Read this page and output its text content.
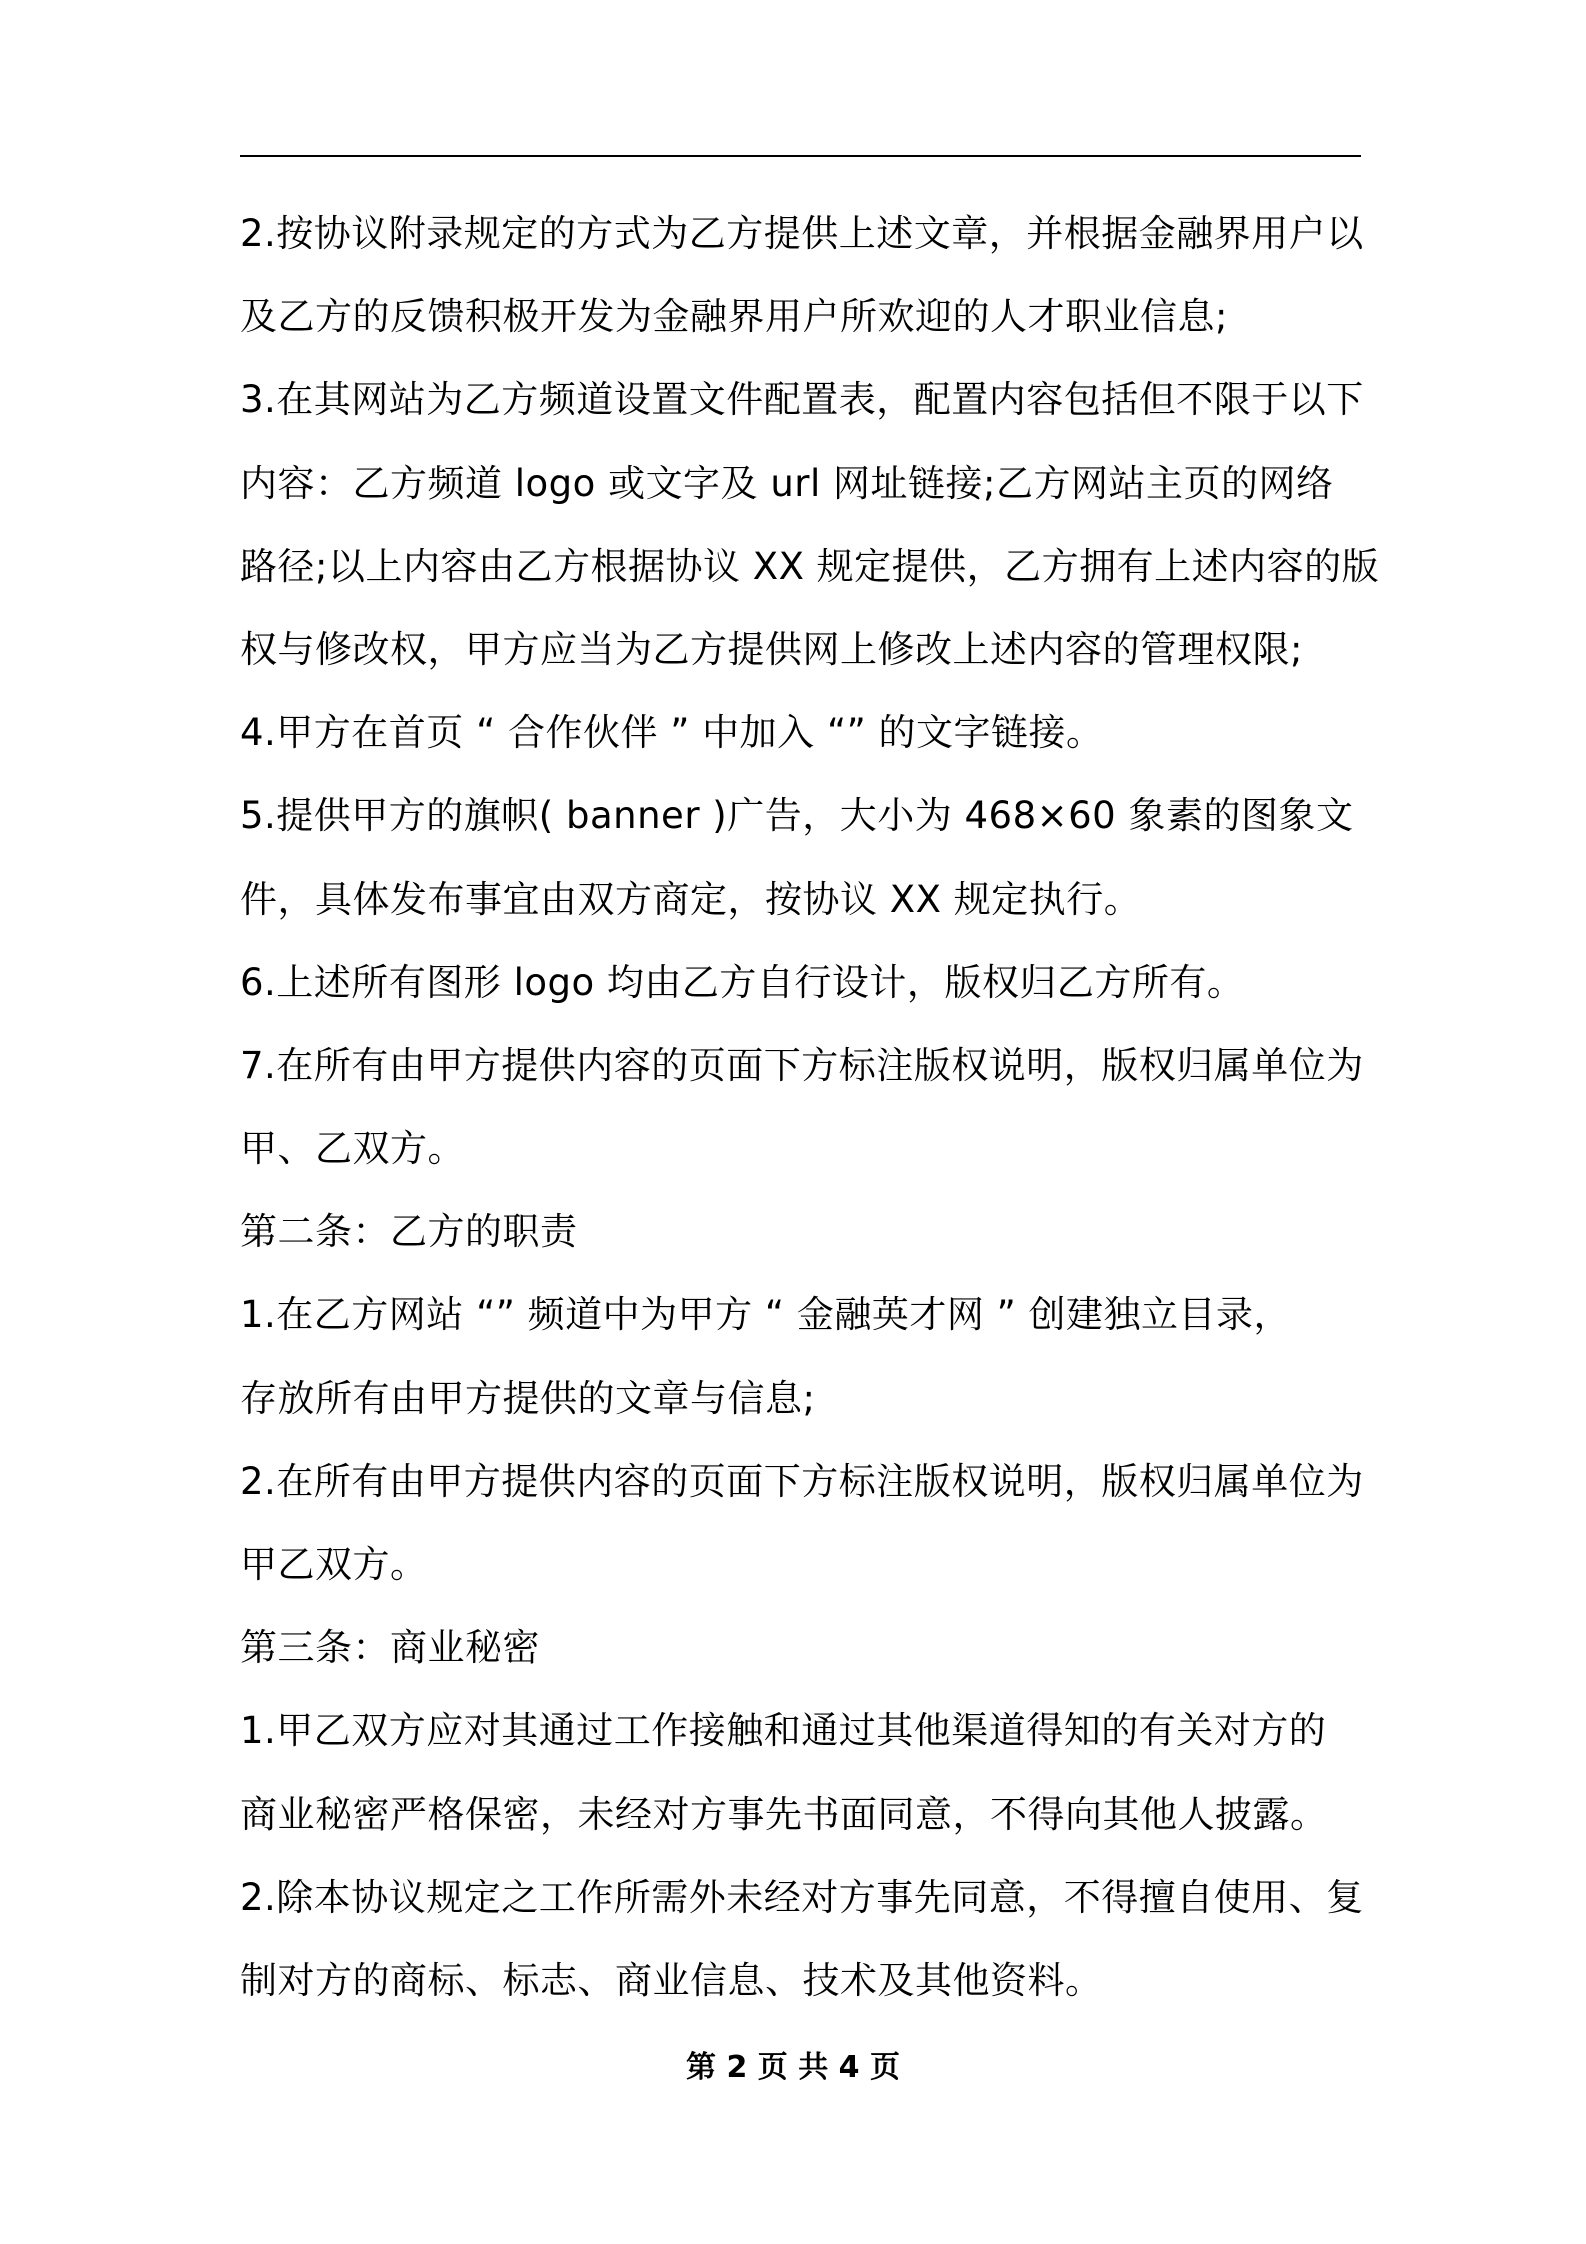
2.按协议附录规定的方式为乙方提供上述文章，并根据金融界用户以
及乙方的反馈积极开发为金融界用户所欢迎的人才职业信息;
3.在其网站为乙方频道设置文件配置表，配置内容包括但不限于以下
内容：乙方频道 logo 或文字及 url 网址链接;乙方网站主页的网络
路径;以上内容由乙方根据协议 XX 规定提供，乙方拥有上述内容的版
权与修改权，甲方应当为乙方提供网上修改上述内容的管理权限;
4.甲方在首页 “ 合作伙伴 ” 中加入 “” 的文字链接。
5.提供甲方的旗帜( banner )广告，大小为 468×60 象素的图象文
件，具体发布事宜由双方商定，按协议 XX 规定执行。
6.上述所有图形 logo 均由乙方自行设计，版权归乙方所有。
7.在所有由甲方提供内容的页面下方标注版权说明，版权归属单位为
甲、乙双方。
第二条：乙方的职责
1.在乙方网站 “” 频道中为甲方 “ 金融英才网 ” 创建独立目录，
存放所有由甲方提供的文章与信息;
2.在所有由甲方提供内容的页面下方标注版权说明，版权归属单位为
甲乙双方。
第三条：商业秘密
1.甲乙双方应对其通过工作接触和通过其他渠道得知的有关对方的
商业秘密严格保密，未经对方事先书面同意，不得向其他人披露。
2.除本协议规定之工作所需外未经对方事先同意，不得擅自使用、复
制对方的商标、标志、商业信息、技术及其他资料。
第 2 页 共 4 页
